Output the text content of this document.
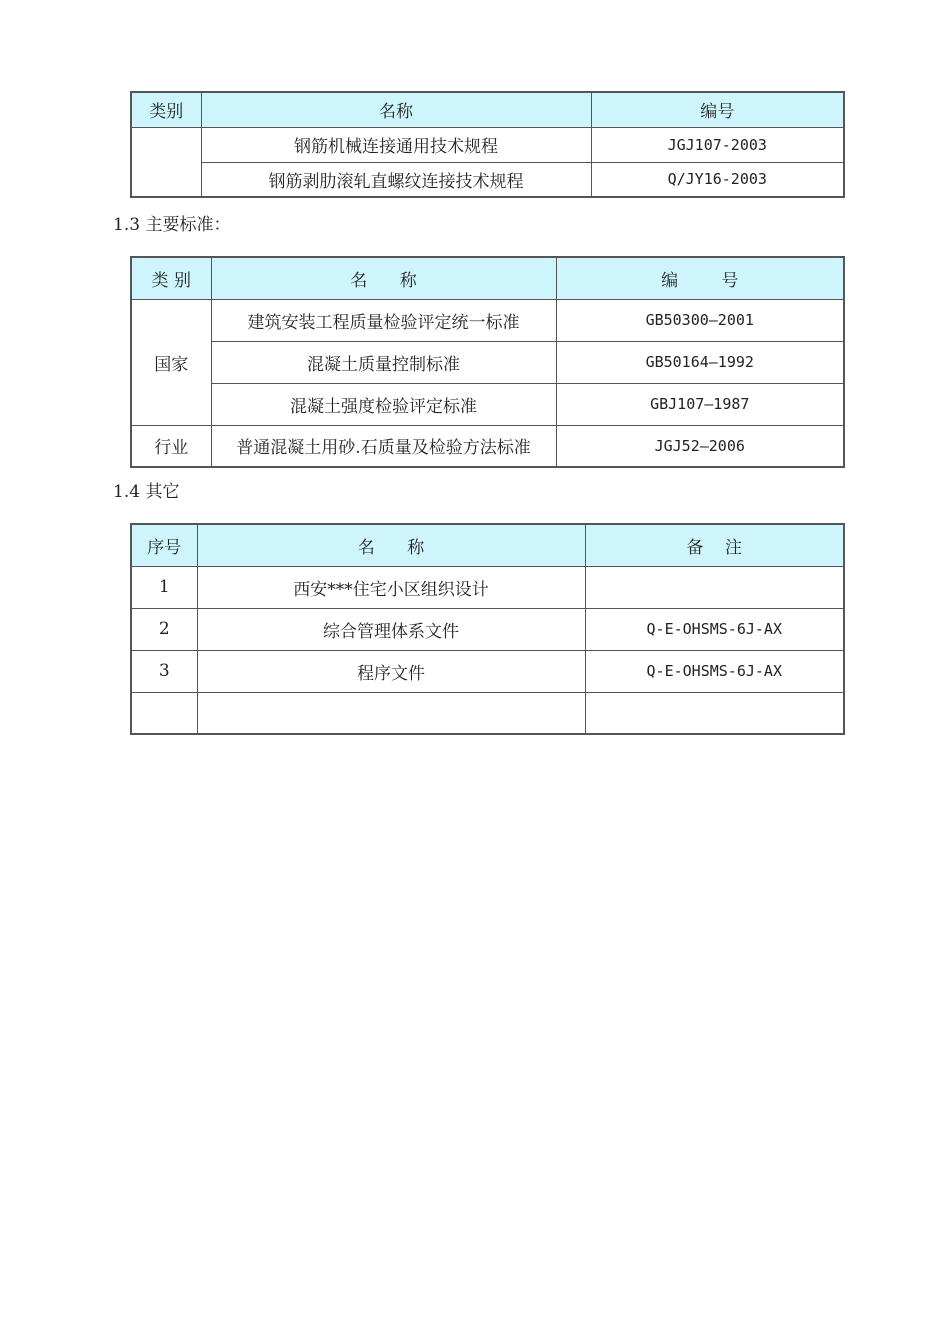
类别	名称	编号
	钢筋机械连接通用技术规程	JGJ107-2003
	钢筋剥肋滚轧直螺纹连接技术规程	Q/JY16-2003
1.3 主要标准：
类 别	名      称	编        号
国家	建筑安装工程质量检验评定统一标准	GB50300—2001
	混凝土质量控制标准	GB50164—1992
	混凝土强度检验评定标准	GBJ107—1987
行业	普通混凝土用砂.石质量及检验方法标准	JGJ52—2006
1.4 其它
序号	名      称	备    注
1	西安***住宅小区组织设计	
2	综合管理体系文件	Q-E-OHSMS-6J-AX
3	程序文件	Q-E-OHSMS-6J-AX
